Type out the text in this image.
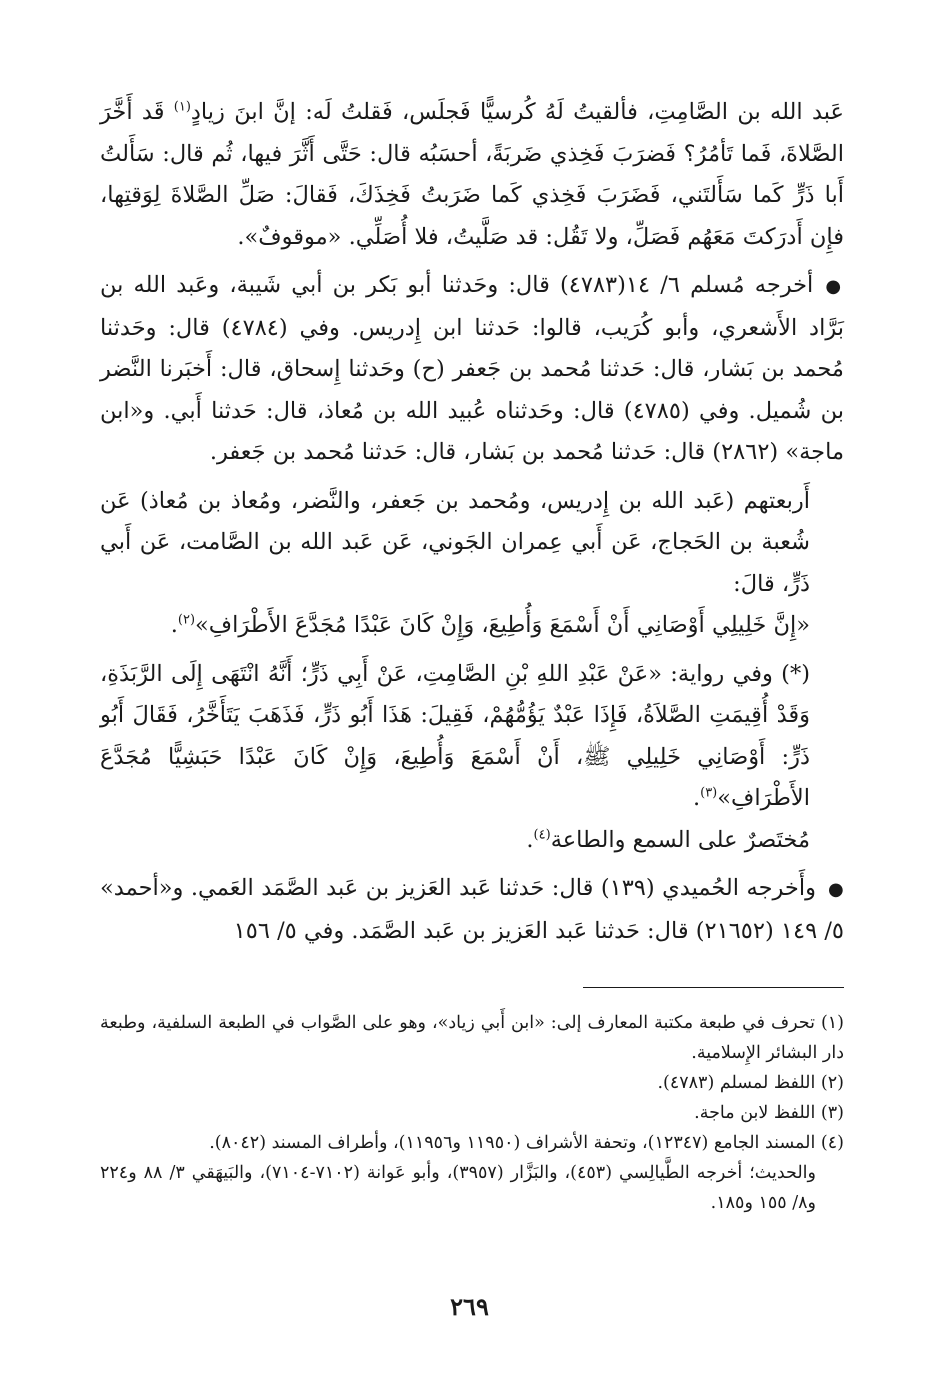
عَبد الله بن الصَّامِتِ، فألقيتُ لَهُ كُرسيًّا فَجلَس، فَقلتُ لَه: إنَّ ابنَ زيادٍ$^{(١)}$ قَد أَخَّرَ الصَّلاةَ، فَما تَأمُرُ؟ فَضرَبَ فَخِذي ضَربَةً، أحسَبُه قال: حَتَّى أَثَّرَ فيها، ثُم قال: سَأَلتُ أَبا ذَرٍّ كَما سَأَلتَني، فَضَرَبَ فَخِذي كَما ضَرَبتُ فَخِذَكَ، فَقالَ: صَلِّ الصَّلاةَ لِوَقتِها، فإِن أَدرَكتَ مَعَهُم فَصَلِّ، ولا تَقُل: قد صَلَّيتُ، فلا أُصَلِّي. «موقوفٌ».

●أخرجه مُسلم ٦/ ١٤(٤٧٨٣) قال: وحَدثنا أبو بَكر بن أبي شَيبة، وعَبد الله بن بَرَّاد الأَشعري، وأبو كُرَيب، قالوا: حَدثنا ابن إِدريس. وفي (٤٧٨٤) قال: وحَدثنا مُحمد بن بَشار، قال: حَدثنا مُحمد بن جَعفر (ح) وحَدثنا إِسحاق، قال: أَخبَرنا النَّضر بن شُميل. وفي (٤٧٨٥) قال: وحَدثناه عُبيد الله بن مُعاذ، قال: حَدثنا أَبي. و«ابن ماجة» (٢٨٦٢) قال: حَدثنا مُحمد بن بَشار، قال: حَدثنا مُحمد بن جَعفر.

أَربعتهم (عَبد الله بن إِدريس، ومُحمد بن جَعفر، والنَّضر، ومُعاذ بن مُعاذ) عَن شُعبة بن الحَجاج، عَن أَبي عِمران الجَوني، عَن عَبد الله بن الصَّامت، عَن أَبي ذَرٍّ، قالَ:

«إِنَّ خَلِيلِي أَوْصَانِي أَنْ أَسْمَعَ وَأُطِيعَ، وَإِنْ كَانَ عَبْدًا مُجَدَّعَ الأَطْرَافِ»$^{(٢)}$.

(*) وفي رواية: «عَنْ عَبْدِ اللهِ بْنِ الصَّامِتِ، عَنْ أَبِي ذَرٍّ؛ أَنَّهُ انْتَهَى إِلَى الرَّبَذَةِ، وَقَدْ أُقِيمَتِ الصَّلاَةُ، فَإِذَا عَبْدٌ يَؤُمُّهُمْ، فَقِيلَ: هَذَا أَبُو ذَرٍّ، فَذَهَبَ يَتَأَخَّرُ، فَقَالَ أَبُو ذَرٍّ: أَوْصَانِي خَلِيلِي ﷺ، أَنْ أَسْمَعَ وَأُطِيعَ، وَإِنْ كَانَ عَبْدًا حَبَشِيًّا مُجَدَّعَ الأَطْرَافِ»$^{(٣)}$.

مُختَصرٌ على السمع والطاعة$^{(٤)}$.

●وأَخرجه الحُميدي (١٣٩) قال: حَدثنا عَبد العَزيز بن عَبد الصَّمَد العَمي. و«أحمد» ٥/ ١٤٩ (٢١٦٥٢) قال: حَدثنا عَبد العَزيز بن عَبد الصَّمَد. وفي ٥/ ١٥٦

(١) تحرف في طبعة مكتبة المعارف إلى: «ابن أَبي زياد»، وهو على الصَّواب في الطبعة السلفية، وطبعة دار البشائر الإِسلامية.

(٢) اللفظ لمسلم (٤٧٨٣).

(٣) اللفظ لابن ماجة.

(٤) المسند الجامع (١٢٣٤٧)، وتحفة الأشراف (١١٩٥٠ و١١٩٥٦)، وأطراف المسند (٨٠٤٢).

والحديث؛ أخرجه الطَّيالِسي (٤٥٣)، والبَزَّار (٣٩٥٧)، وأبو عَوانة (٧١٠٢-٧١٠٤)، والبَيهَقي ٣/ ٨٨ و٢٢٤ و٨/ ١٥٥ و١٨٥.

٢٦٩
